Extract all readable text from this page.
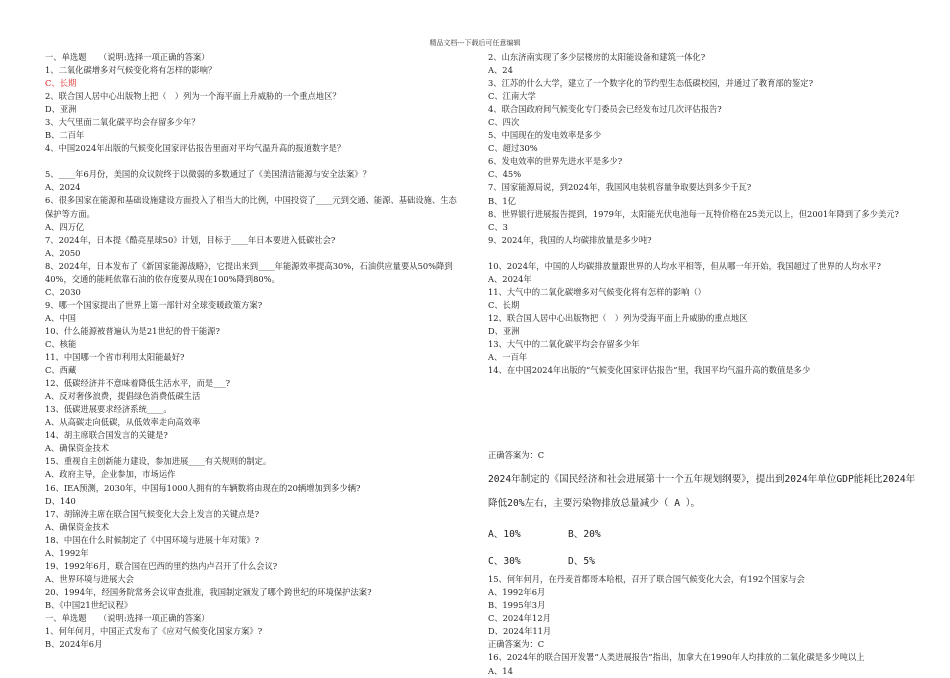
精品文档---下载后可任意编辑
一、单选题　　（说明:选择一项正确的答案）
1、二氧化碳增多对气候变化将有怎样的影响？
C、长期
2、联合国人居中心出版物上把（　）列为一个海平面上升威胁的一个重点地区？
D、亚洲
3、大气里面二氧化碳平均会存留多少年？
B、二百年
4、中国2024年出版的气候变化国家评估报告里面对平均气温升高的报道数字是？
5、____年6月份，美国的众议院终于以微弱的多数通过了《美国清洁能源与安全法案》？
A、2024
6、很多国家在能源和基础设施建设方面投入了相当大的比例，中国投资了____元到交通、能源、基础设施、生态保护等方面。
A、四万亿
7、2024年，日本提《酷亮星球50》计划，目标于____年日本要进入低碳社会?
A、2050
8、2024年，日本发布了《新国家能源战略》，它提出来到____年能源效率提高30%，石油供应量要从50%降到40%，交通的能耗依靠石油的依存度要从现在100%降到80%。
C、2030
9、哪一个国家提出了世界上第一部针对全球变暖政策方案?
A、中国
10、什么能源被普遍认为是21世纪的骨干能源?
C、核能
11、中国哪一个省市利用太阳能最好?
C、西藏
12、低碳经济并不意味着降低生活水平，而是___?
A、反对奢侈浪费，提倡绿色消费低碳生活
13、低碳进展要求经济系统____。
A、从高碳走向低碳，从低效率走向高效率
14、胡主席联合国发言的关键是?
A、确保资金技术
15、重视自主创新能力建设，参加进展____有关规则的制定。
A、政府主导，企业参加，市场运作
16、IEA预测，2030年，中国每1000人拥有的车辆数将由现在的20辆增加到多少辆?
D、140
17、胡锦涛主席在联合国气候变化大会上发言的关键点是?
A、确保资金技术
18、中国在什么时候制定了《中国环境与进展十年对策》?
A、1992年
19、1992年6月，联合国在巴西的里约热内卢召开了什么会议?
A、世界环境与进展大会
20、1994年，经国务院常务会议审查批准，我国制定颁发了哪个跨世纪的环境保护法案?
B、《中国21世纪议程》
一、单选题　　（说明:选择一项正确的答案）
1、何年何月，中国正式发布了《应对气候变化国家方案》?
B、2024年6月
2、山东济南实现了多少层楼房的太阳能设备和建筑一体化?
A、24
3、江苏的什么大学，建立了一个数字化的节约型生态低碳校园，并通过了教育部的鉴定?
C、江南大学
4、联合国政府间气候变化专门委员会已经发布过几次评估报告?
C、四次
5、中国现在的发电效率是多少
C、超过30%
6、发电效率的世界先进水平是多少?
C、45%
7、国家能源局说，到2024年，我国风电装机容量争取要达到多少千瓦?
B、1亿
8、世界银行进展报告提到，1979年，太阳能光伏电池每一瓦特价格在25美元以上，但2001年降到了多少美元?
C、3
9、2024年，我国的人均碳排放量是多少吨?
10、2024年，中国的人均碳排放量跟世界的人均水平相等，但从哪一年开始，我国超过了世界的人均水平?
A、2024年
11、大气中的二氧化碳增多对气候变化将有怎样的影响（）
C、长期
12、联合国人居中心出版物把（　）列为受海平面上升威胁的重点地区
D、亚洲
13、大气中的二氧化碳平均会存留多少年
A、一百年
14、在中国2024年出版的“气候变化国家评估报告”里，我国平均气温升高的数值是多少
正确答案为：C
2024年制定的《国民经济和社会进展第十一个五年规划纲要》，提出到2024年单位GDP能耗比2024年降低20%左右，主要污染物排放总量减少（ A ）。
A、10%	B、20%
C、30%	D、5%
15、何年何月，在丹麦首都哥本哈根，召开了联合国气候变化大会，有192个国家与会
A、1992年6月
B、1995年3月
C、2024年12月
D、2024年11月
正确答案为：C
16、2024年的联合国开发署“人类进展报告”指出，加拿大在1990年人均排放的二氧化碳是多少吨以上
A、14
